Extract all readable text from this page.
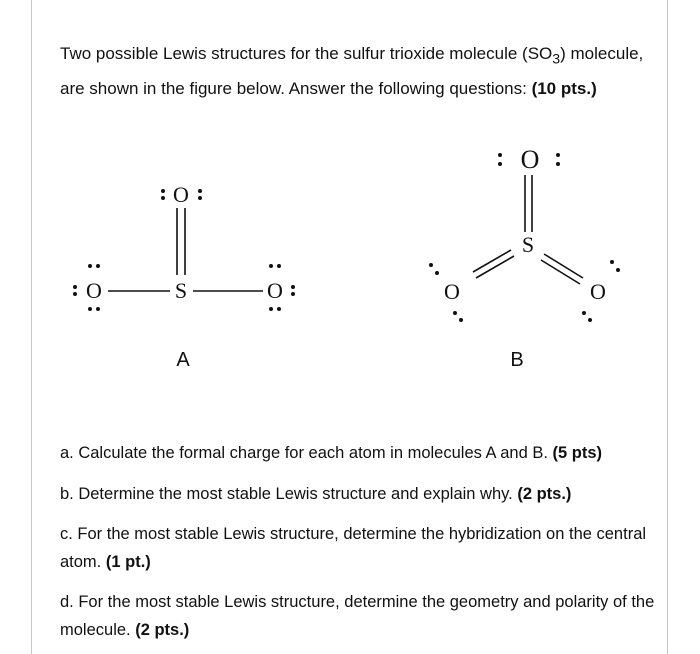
Two possible Lewis structures for the sulfur trioxide molecule $(SO_3)$ molecule, are shown in the figure below. Answer the following questions: (10 pts.)

O
O	S	O
A
O
S
O	O
B

a. Calculate the formal charge for each atom in molecules A and B. (5 pts)

b. Determine the most stable Lewis structure and explain why. (2 pts.)

c. For the most stable Lewis structure, determine the hybridization on the central atom. (1 pt.)

d. For the most stable Lewis structure, determine the geometry and polarity of the molecule. (2 pts.)
